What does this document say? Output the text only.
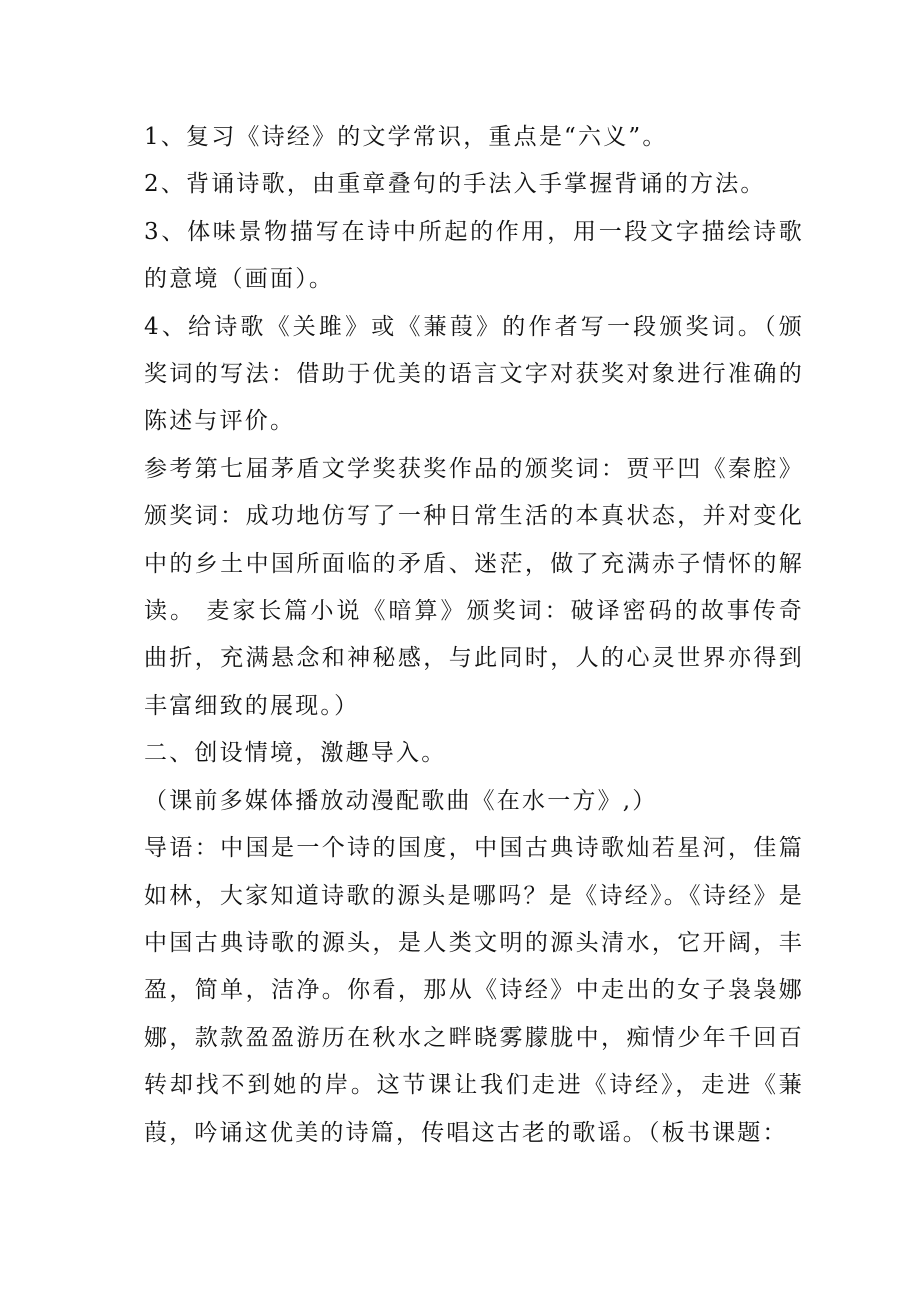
1、复习《诗经》的文学常识，重点是“六义”。

2、背诵诗歌，由重章叠句的手法入手掌握背诵的方法。

3、体味景物描写在诗中所起的作用，用一段文字描绘诗歌的意境（画面）。

4、给诗歌《关雎》或《蒹葭》的作者写一段颁奖词。（颁奖词的写法：借助于优美的语言文字对获奖对象进行准确的陈述与评价。

参考第七届茅盾文学奖获奖作品的颁奖词：贾平凹《秦腔》颁奖词：成功地仿写了一种日常生活的本真状态，并对变化中的乡土中国所面临的矛盾、迷茫，做了充满赤子情怀的解读。 麦家长篇小说《暗算》颁奖词：破译密码的故事传奇曲折，充满悬念和神秘感，与此同时，人的心灵世界亦得到丰富细致的展现。）

二、创设情境，激趣导入。

（课前多媒体播放动漫配歌曲《在水一方》,）

导语：中国是一个诗的国度，中国古典诗歌灿若星河，佳篇如林，大家知道诗歌的源头是哪吗？是《诗经》。《诗经》是中国古典诗歌的源头，是人类文明的源头清水，它开阔，丰盈，简单，洁净。你看，那从《诗经》中走出的女子袅袅娜娜，款款盈盈游历在秋水之畔晓雾朦胧中，痴情少年千回百转却找不到她的岸。这节课让我们走进《诗经》，走进《蒹葭，吟诵这优美的诗篇，传唱这古老的歌谣。（板书课题：
